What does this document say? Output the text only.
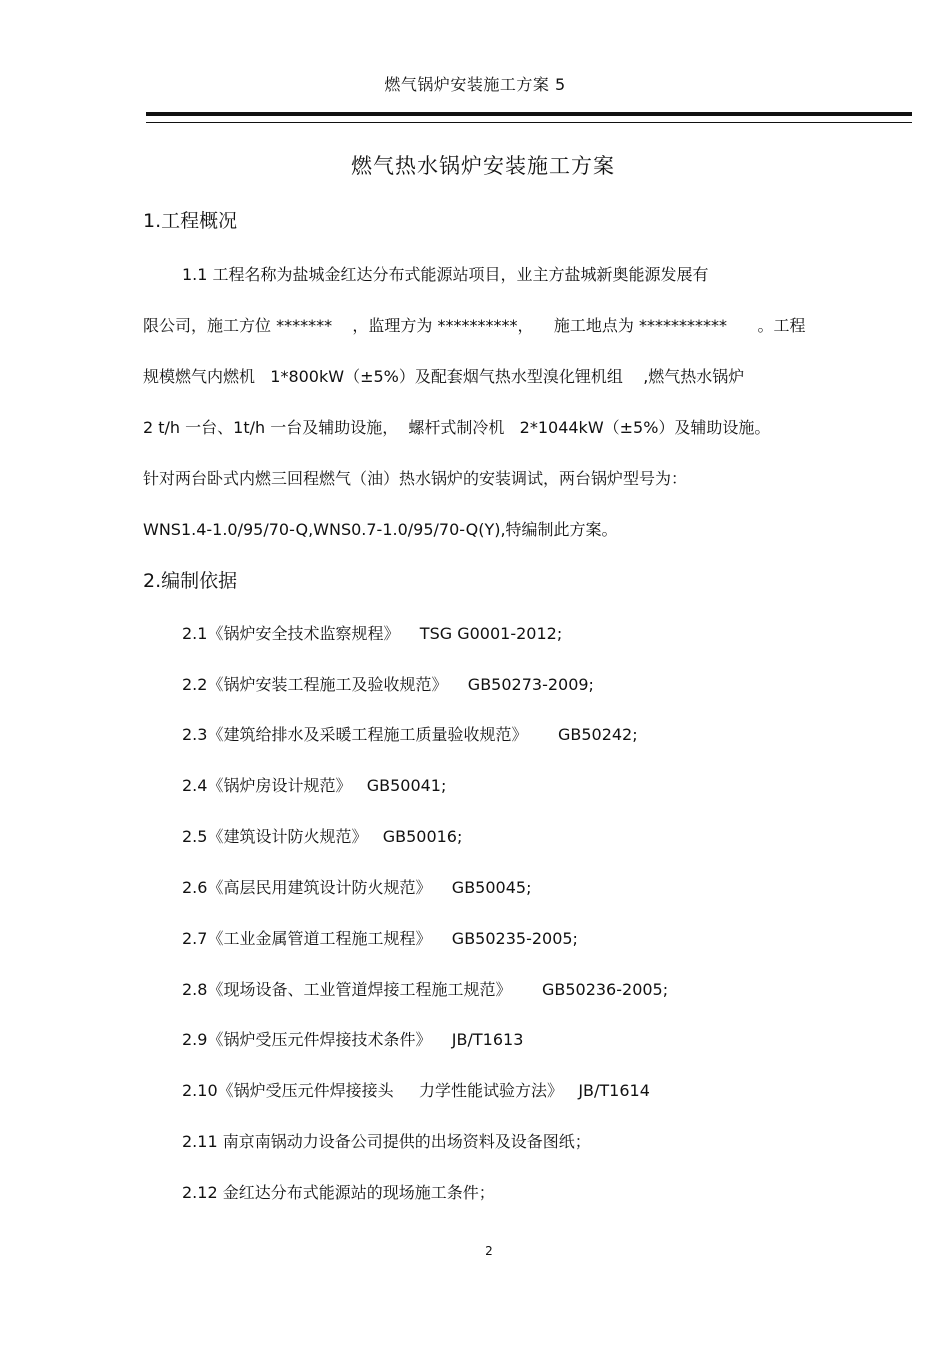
燃气锅炉安装施工方案 5
燃气热水锅炉安装施工方案
1.工程概况
1.1 工程名称为盐城金红达分布式能源站项目，业主方盐城新奥能源发展有
限公司，施工方位 *******    ，监理方为 **********，    施工地点为 ***********      。工程
规模燃气内燃机   1*800kW（±5%）及配套烟气热水型溴化锂机组    ,燃气热水锅炉
2 t/h 一台、1t/h 一台及辅助设施，  螺杆式制冷机   2*1044kW（±5%）及辅助设施。
针对两台卧式内燃三回程燃气（油）热水锅炉的安装调试，两台锅炉型号为：
WNS1.4-1.0/95/70-Q,WNS0.7-1.0/95/70-Q(Y),特编制此方案。
2.编制依据
2.1《锅炉安全技术监察规程》    TSG G0001-2012;
2.2《锅炉安装工程施工及验收规范》    GB50273-2009;
2.3《建筑给排水及采暖工程施工质量验收规范》      GB50242;
2.4《锅炉房设计规范》   GB50041;
2.5《建筑设计防火规范》   GB50016;
2.6《高层民用建筑设计防火规范》    GB50045;
2.7《工业金属管道工程施工规程》    GB50235-2005;
2.8《现场设备、工业管道焊接工程施工规范》      GB50236-2005;
2.9《锅炉受压元件焊接技术条件》    JB/T1613
2.10《锅炉受压元件焊接接头     力学性能试验方法》   JB/T1614
2.11 南京南锅动力设备公司提供的出场资料及设备图纸；
2.12 金红达分布式能源站的现场施工条件；
2
